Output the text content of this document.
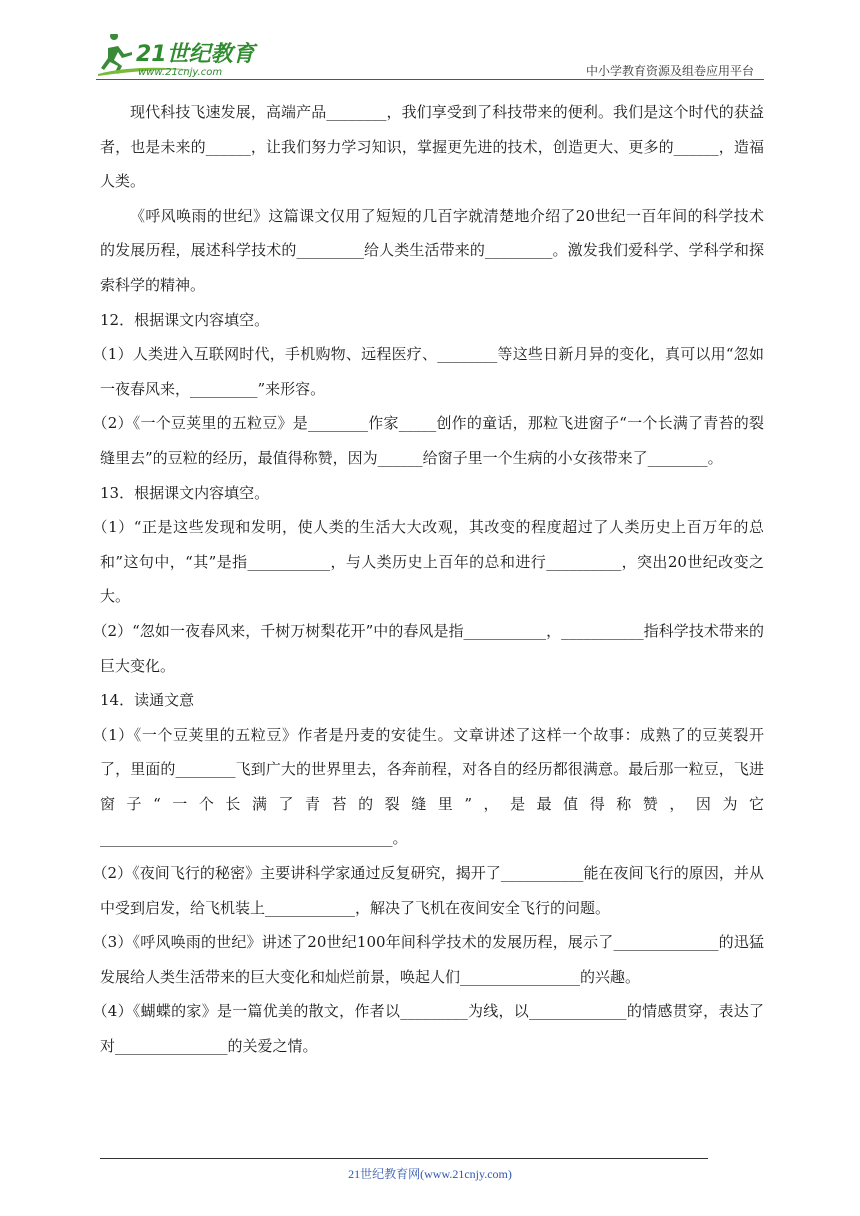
21世纪教育
www.21cnjy.com	中小学教育资源及组卷应用平台

现代科技飞速发展，高端产品________，我们享受到了科技带来的便利。我们是这个时代的获益者，也是未来的______，让我们努力学习知识，掌握更先进的技术，创造更大、更多的______，造福人类。

《呼风唤雨的世纪》这篇课文仅用了短短的几百字就清楚地介绍了20世纪一百年间的科学技术的发展历程，展述科学技术的_________给人类生活带来的_________。激发我们爱科学、学科学和探索科学的精神。

12．根据课文内容填空。

（1）人类进入互联网时代，手机购物、远程医疗、________等这些日新月异的变化，真可以用“忽如一夜春风来，_________”来形容。

（2）《一个豆荚里的五粒豆》是________作家_____创作的童话，那粒飞进窗子“一个长满了青苔的裂缝里去”的豆粒的经历，最值得称赞，因为______给窗子里一个生病的小女孩带来了________。

13．根据课文内容填空。

（1）“正是这些发现和发明，使人类的生活大大改观，其改变的程度超过了人类历史上百万年的总和”这句中，“其”是指___________，与人类历史上百年的总和进行__________，突出20世纪改变之大。

（2）“忽如一夜春风来，千树万树梨花开”中的春风是指___________，___________指科学技术带来的巨大变化。

14．读通文意

（1）《一个豆荚里的五粒豆》作者是丹麦的安徒生。文章讲述了这样一个故事：成熟了的豆荚裂开了，里面的________飞到广大的世界里去，各奔前程，对各自的经历都很满意。最后那一粒豆，飞进窗子“一个长满了青苔的裂缝里”，是最值得称赞，因为它_______________________________________。

（2）《夜间飞行的秘密》主要讲科学家通过反复研究，揭开了___________能在夜间飞行的原因，并从中受到启发，给飞机装上____________，解决了飞机在夜间安全飞行的问题。

（3）《呼风唤雨的世纪》讲述了20世纪100年间科学技术的发展历程，展示了______________的迅猛发展给人类生活带来的巨大变化和灿烂前景，唤起人们________________的兴趣。

（4）《蝴蝶的家》是一篇优美的散文，作者以_________为线，以_____________的情感贯穿，表达了对_______________的关爱之情。

21世纪教育网(www.21cnjy.com)
